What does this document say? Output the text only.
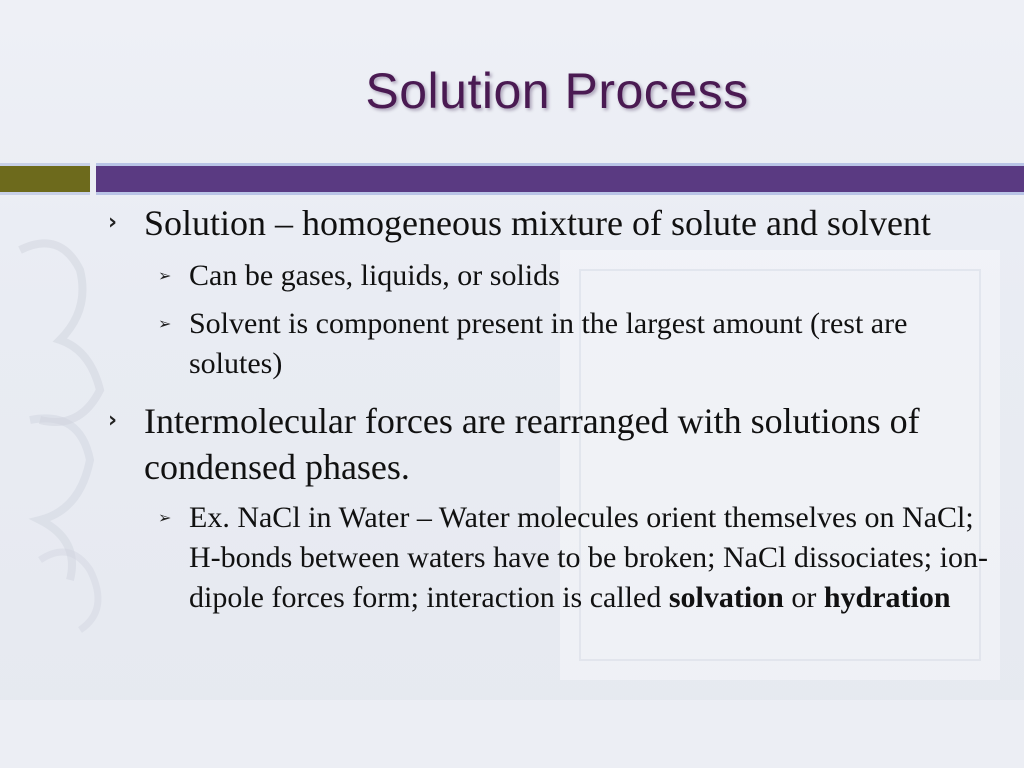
Solution Process
› Solution – homogeneous mixture of solute and solvent
➢ Can be gases, liquids, or solids
➢ Solvent is component present in the largest amount (rest are solutes)
› Intermolecular forces are rearranged with solutions of condensed phases.
➢ Ex. NaCl in Water – Water molecules orient themselves on NaCl; H-bonds between waters have to be broken; NaCl dissociates; ion-dipole forces form; interaction is called solvation or hydration
